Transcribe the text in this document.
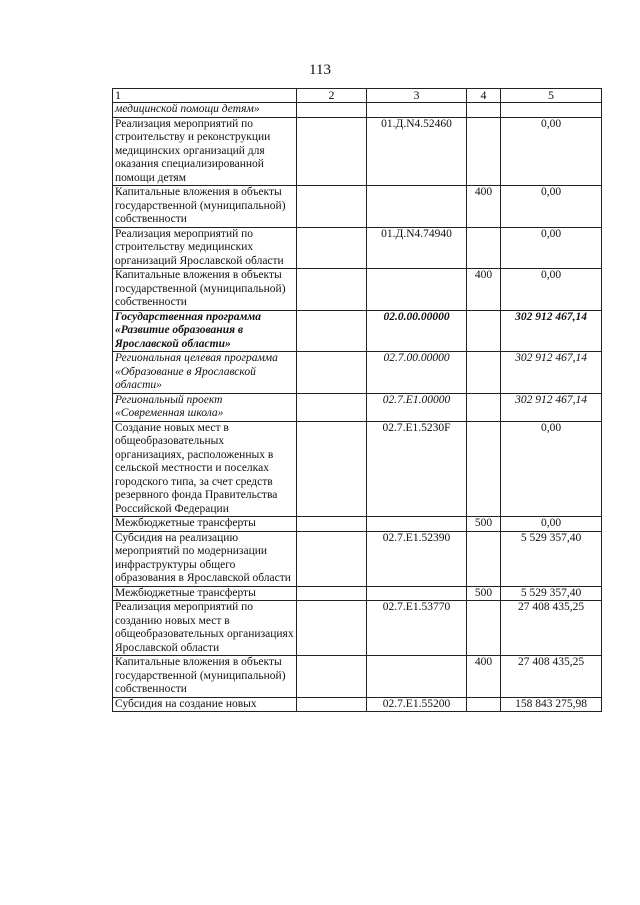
113
1	2	3	4	5
медицинской помощи детям»				
Реализация мероприятий по строительству и реконструкции медицинских организаций для оказания специализированной помощи детям		01.Д.N4.52460		0,00
Капитальные вложения в объекты государственной (муниципальной) собственности			400	0,00
Реализация мероприятий по строительству медицинских организаций Ярославской области		01.Д.N4.74940		0,00
Капитальные вложения в объекты государственной (муниципальной) собственности			400	0,00
Государственная программа «Развитие образования в Ярославской области»		02.0.00.00000		302 912 467,14
Региональная целевая программа «Образование в Ярославской области»		02.7.00.00000		302 912 467,14
Региональный проект «Современная школа»		02.7.E1.00000		302 912 467,14
Создание новых мест в общеобразовательных организациях, расположенных в сельской местности и поселках городского типа, за счет средств резервного фонда Правительства Российской Федерации		02.7.E1.5230F		0,00
Межбюджетные трансферты			500	0,00
Субсидия на реализацию мероприятий по модернизации инфраструктуры общего образования в Ярославской области		02.7.E1.52390		5 529 357,40
Межбюджетные трансферты			500	5 529 357,40
Реализация мероприятий по созданию новых мест в общеобразовательных организациях Ярославской области		02.7.E1.53770		27 408 435,25
Капитальные вложения в объекты государственной (муниципальной) собственности			400	27 408 435,25
Субсидия на создание новых		02.7.E1.55200		158 843 275,98
